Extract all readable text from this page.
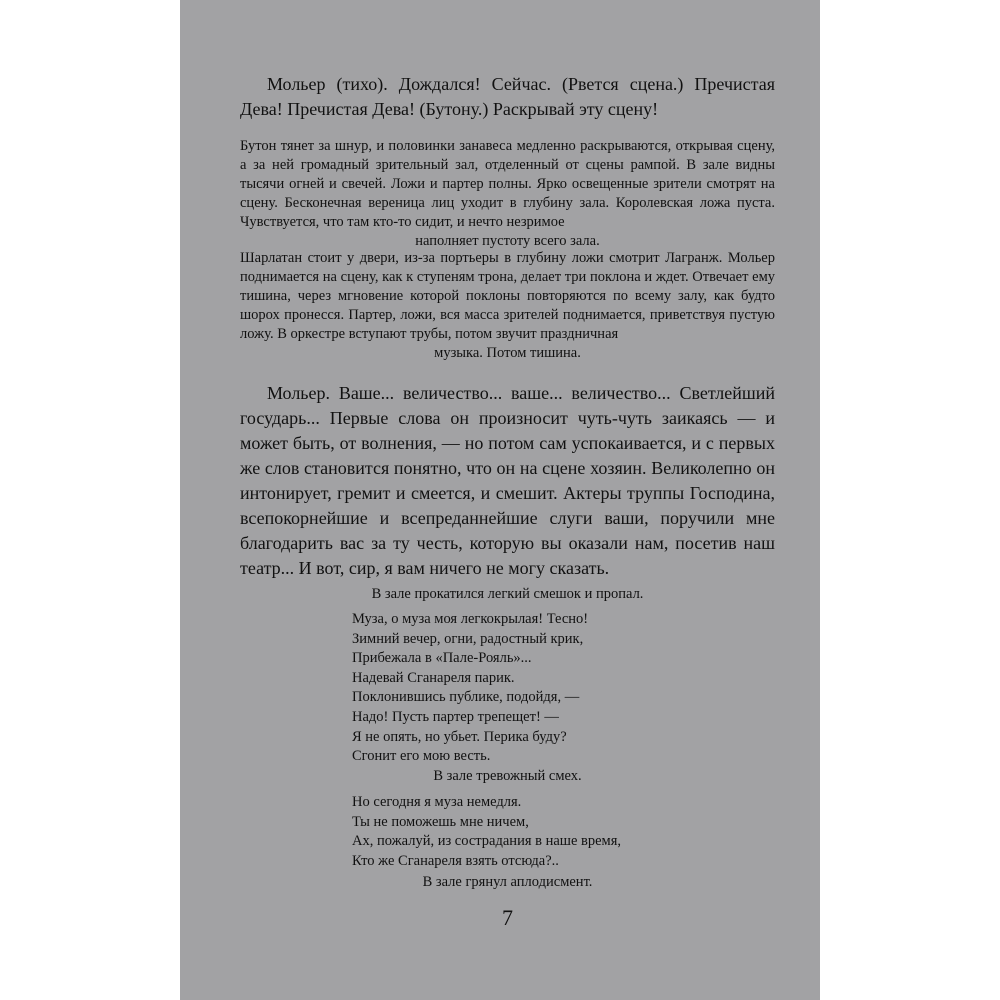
Мольер (тихо). Дождался! Сейчас. (Рвется сцена.) Пречистая Дева! Пречистая Дева! (Бутону.) Раскрывай эту сцену!

Бутон тянет за шнур, и половинки занавеса медленно раскрываются, открывая сцену, а за ней громадный зрительный зал, отделенный от сцены рампой. В зале видны тысячи огней и свечей. Ложи и партер полны. Ярко освещенные зрители смотрят на сцену. Бесконечная вереница лиц уходит в глубину зала. Королевская ложа пуста. Чувствуется, что там кто-то сидит, и нечто незримое
наполняет пустоту всего зала.
Шарлатан стоит у двери, из-за портьеры в глубину ложи смотрит Лагранж. Мольер поднимается на сцену, как к ступеням трона, делает три поклона и ждет. Отвечает ему тишина, через мгновение которой поклоны повторяются по всему залу, как будто шорох пронесся. Партер, ложи, вся масса зрителей поднимается, приветствуя пустую ложу. В оркестре вступают трубы, потом звучит праздничная
музыка. Потом тишина.

Мольер. Ваше... величество... ваше... величество... Светлейший государь... Первые слова он произносит чуть-чуть заикаясь — и может быть, от волнения, — но потом сам успокаивается, и с первых же слов становится понятно, что он на сцене хозяин. Великолепно он интонирует, гремит и смеется, и смешит. Актеры труппы Господина, всепокорнейшие и всепреданнейшие слуги ваши, поручили мне благодарить вас за ту честь, которую вы оказали нам, посетив наш театр... И вот, сир, я вам ничего не могу сказать.

В зале прокатился легкий смешок и пропал.
Муза, о муза моя легкокрылая! Тесно!
Зимний вечер, огни, радостный крик,
Прибежала в «Пале-Рояль»...
Надевай Сганареля парик.
Поклонившись публике, подойдя, —
Надо! Пусть партер трепещет! —
Я не опять, но убьет. Перика буду?
Сгонит его мою весть.
В зале тревожный смех.
Но сегодня я муза немедля.
Ты не поможешь мне ничем,
Ах, пожалуй, из сострадания в наше время,
Кто же Сганареля взять отсюда?..
В зале грянул аплодисмент.
7
